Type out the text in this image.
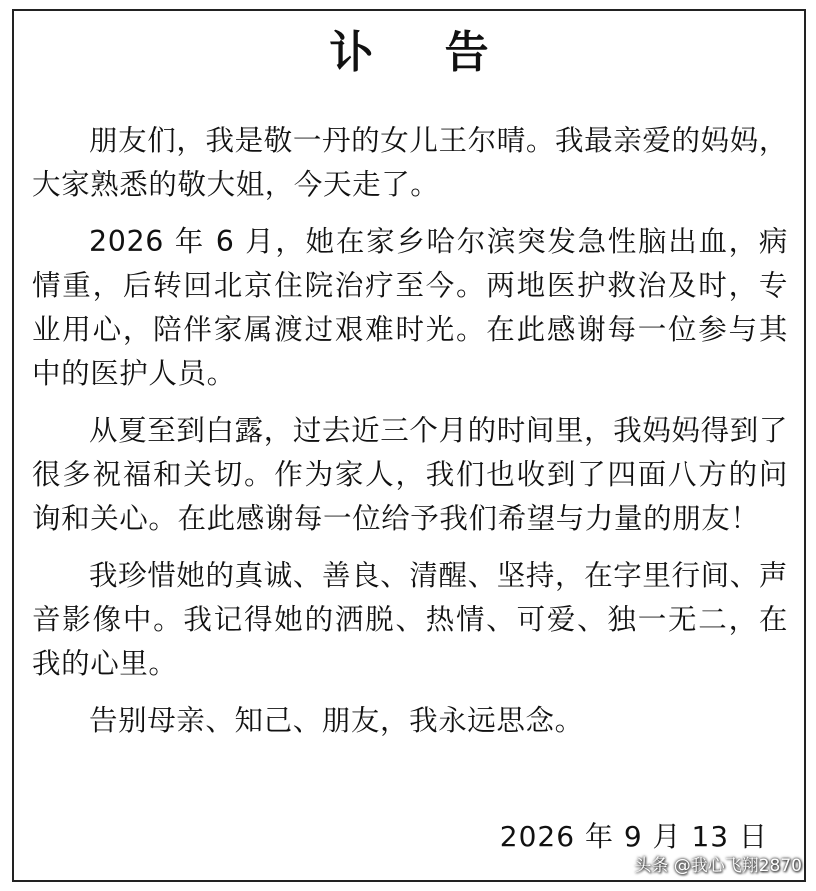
讣 告

朋友们，我是敬一丹的女儿王尔晴。我最亲爱的妈妈，大家熟悉的敬大姐，今天走了。

2026 年 6 月，她在家乡哈尔滨突发急性脑出血，病情重，后转回北京住院治疗至今。两地医护救治及时，专业用心，陪伴家属渡过艰难时光。在此感谢每一位参与其中的医护人员。

从夏至到白露，过去近三个月的时间里，我妈妈得到了很多祝福和关切。作为家人，我们也收到了四面八方的问询和关心。在此感谢每一位给予我们希望与力量的朋友！

我珍惜她的真诚、善良、清醒、坚持，在字里行间、声音影像中。我记得她的洒脱、热情、可爱、独一无二，在我的心里。

告别母亲、知己、朋友，我永远思念。

2026 年 9 月 13 日

头条 @我心飞翔2870
